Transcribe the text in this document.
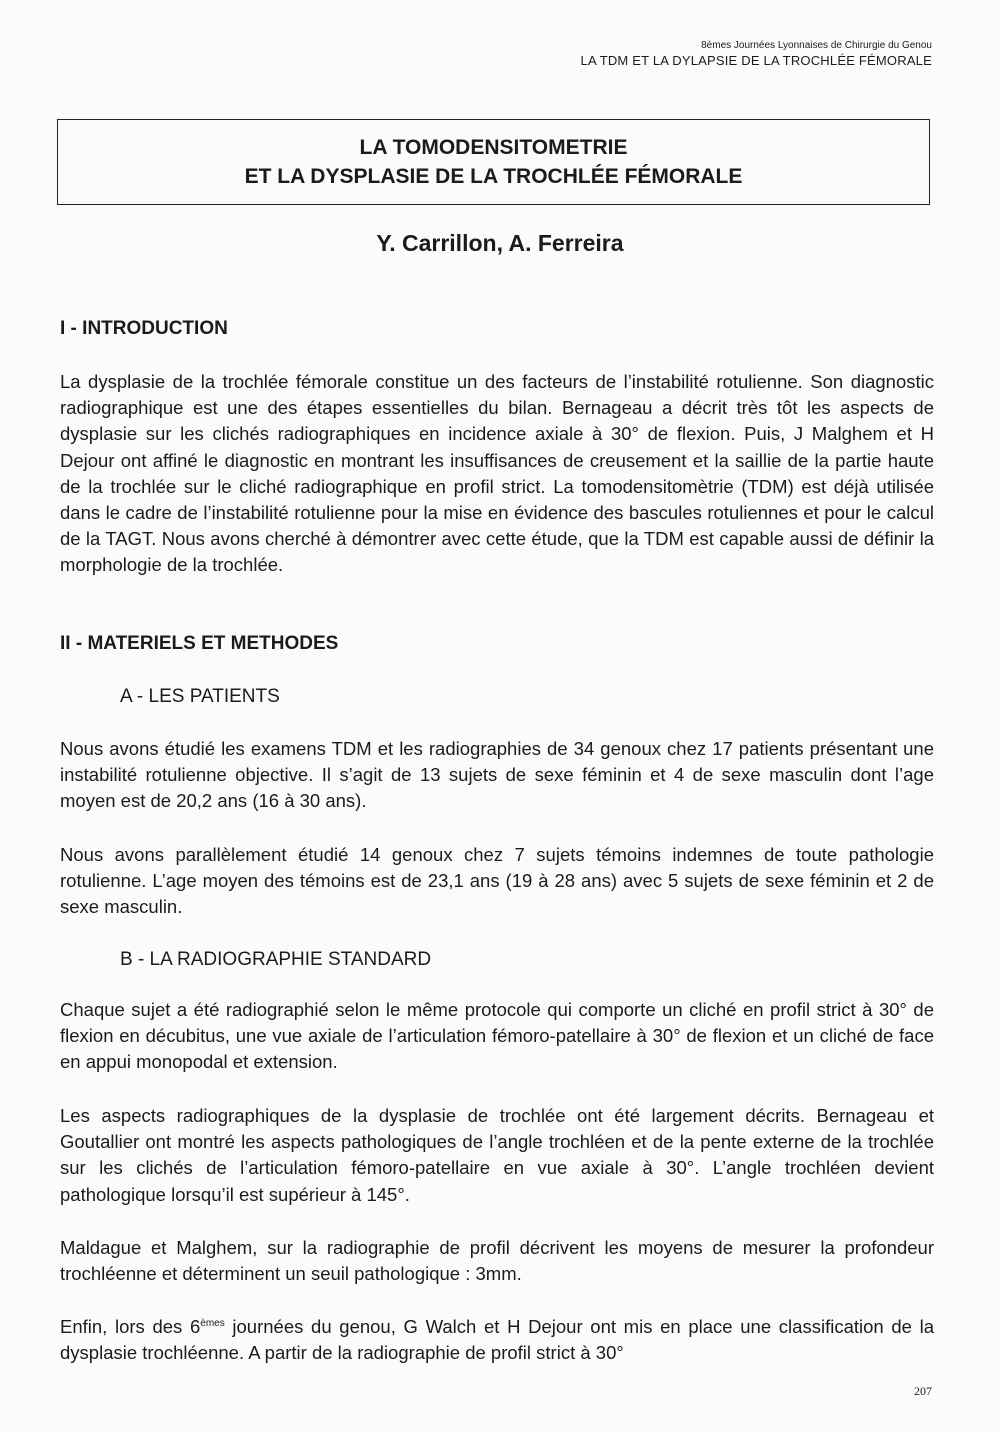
8èmes Journées Lyonnaises de Chirurgie du Genou
LA TDM ET LA DYLAPSIE DE LA TROCHLÉE FÉMORALE
LA TOMODENSITOMETRIE
ET LA DYSPLASIE DE LA TROCHLÉE FÉMORALE
Y. Carrillon, A. Ferreira
I - INTRODUCTION
La dysplasie de la trochlée fémorale constitue un des facteurs de l’instabilité rotulienne. Son diagnostic radiographique est une des étapes essentielles du bilan. Bernageau a décrit très tôt les aspects de dysplasie sur les clichés radiographiques en incidence axiale à 30° de flexion. Puis, J Malghem et H Dejour ont affiné le diagnostic en montrant les insuffisances de creusement et la saillie de la partie haute de la trochlée sur le cliché radiographique en profil strict. La tomodensitomètrie (TDM) est déjà utilisée dans le cadre de l’instabilité rotulienne pour la mise en évidence des bascules rotuliennes et pour le calcul de la TAGT. Nous avons cherché à démontrer avec cette étude, que la TDM est capable aussi de définir la morphologie de la trochlée.
II - MATERIELS ET METHODES
A - LES PATIENTS
Nous avons étudié les examens TDM et les radiographies de 34 genoux chez 17 patients présentant une instabilité rotulienne objective. Il s’agit de 13 sujets de sexe féminin et 4 de sexe masculin dont l’age moyen est de 20,2 ans (16 à 30 ans).
Nous avons parallèlement étudié 14 genoux chez 7 sujets témoins indemnes de toute pathologie rotulienne. L’age moyen des témoins est de 23,1 ans (19 à 28 ans) avec 5 sujets de sexe féminin et 2 de sexe masculin.
B - LA RADIOGRAPHIE STANDARD
Chaque sujet a été radiographié selon le même protocole qui comporte un cliché en profil strict à 30° de flexion en décubitus, une vue axiale de l’articulation fémoro-patellaire à 30° de flexion et un cliché de face en appui monopodal et extension.
Les aspects radiographiques de la dysplasie de trochlée ont été largement décrits. Bernageau et Goutallier ont montré les aspects pathologiques de l’angle trochléen et de la pente externe de la trochlée sur les clichés de l’articulation fémoro-patellaire en vue axiale à 30°. L’angle trochléen devient pathologique lorsqu’il est supérieur à 145°.
Maldague et Malghem, sur la radiographie de profil décrivent les moyens de mesurer la profondeur trochléenne et déterminent un seuil pathologique : 3mm.
Enfin, lors des 6èmes journées du genou, G Walch et H Dejour ont mis en place une classification de la dysplasie trochléenne. A partir de la radiographie de profil strict à 30°
207
